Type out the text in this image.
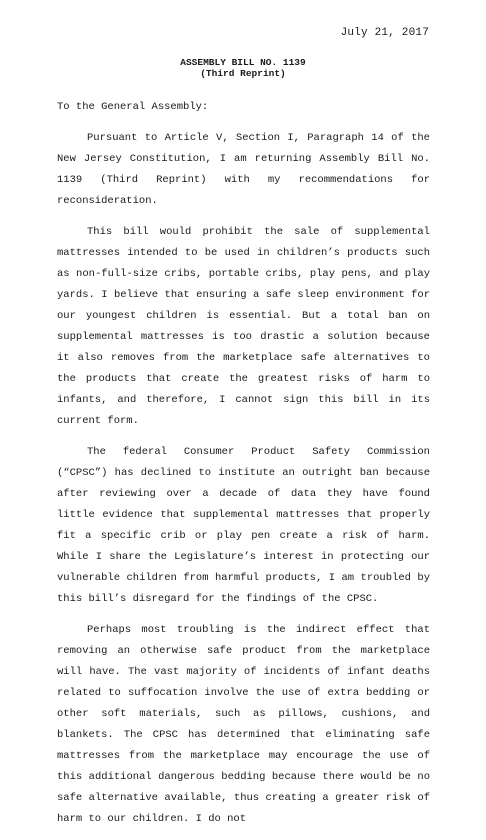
July 21, 2017
ASSEMBLY BILL NO. 1139
(Third Reprint)
To the General Assembly:

Pursuant to Article V, Section I, Paragraph 14 of the New Jersey Constitution, I am returning Assembly Bill No. 1139 (Third Reprint) with my recommendations for reconsideration.

This bill would prohibit the sale of supplemental mattresses intended to be used in children’s products such as non-full-size cribs, portable cribs, play pens, and play yards. I believe that ensuring a safe sleep environment for our youngest children is essential. But a total ban on supplemental mattresses is too drastic a solution because it also removes from the marketplace safe alternatives to the products that create the greatest risks of harm to infants, and therefore, I cannot sign this bill in its current form.

The federal Consumer Product Safety Commission (“CPSC”) has declined to institute an outright ban because after reviewing over a decade of data they have found little evidence that supplemental mattresses that properly fit a specific crib or play pen create a risk of harm. While I share the Legislature’s interest in protecting our vulnerable children from harmful products, I am troubled by this bill’s disregard for the findings of the CPSC.

Perhaps most troubling is the indirect effect that removing an otherwise safe product from the marketplace will have. The vast majority of incidents of infant deaths related to suffocation involve the use of extra bedding or other soft materials, such as pillows, cushions, and blankets. The CPSC has determined that eliminating safe mattresses from the marketplace may encourage the use of this additional dangerous bedding because there would be no safe alternative available, thus creating a greater risk of harm to our children. I do not
